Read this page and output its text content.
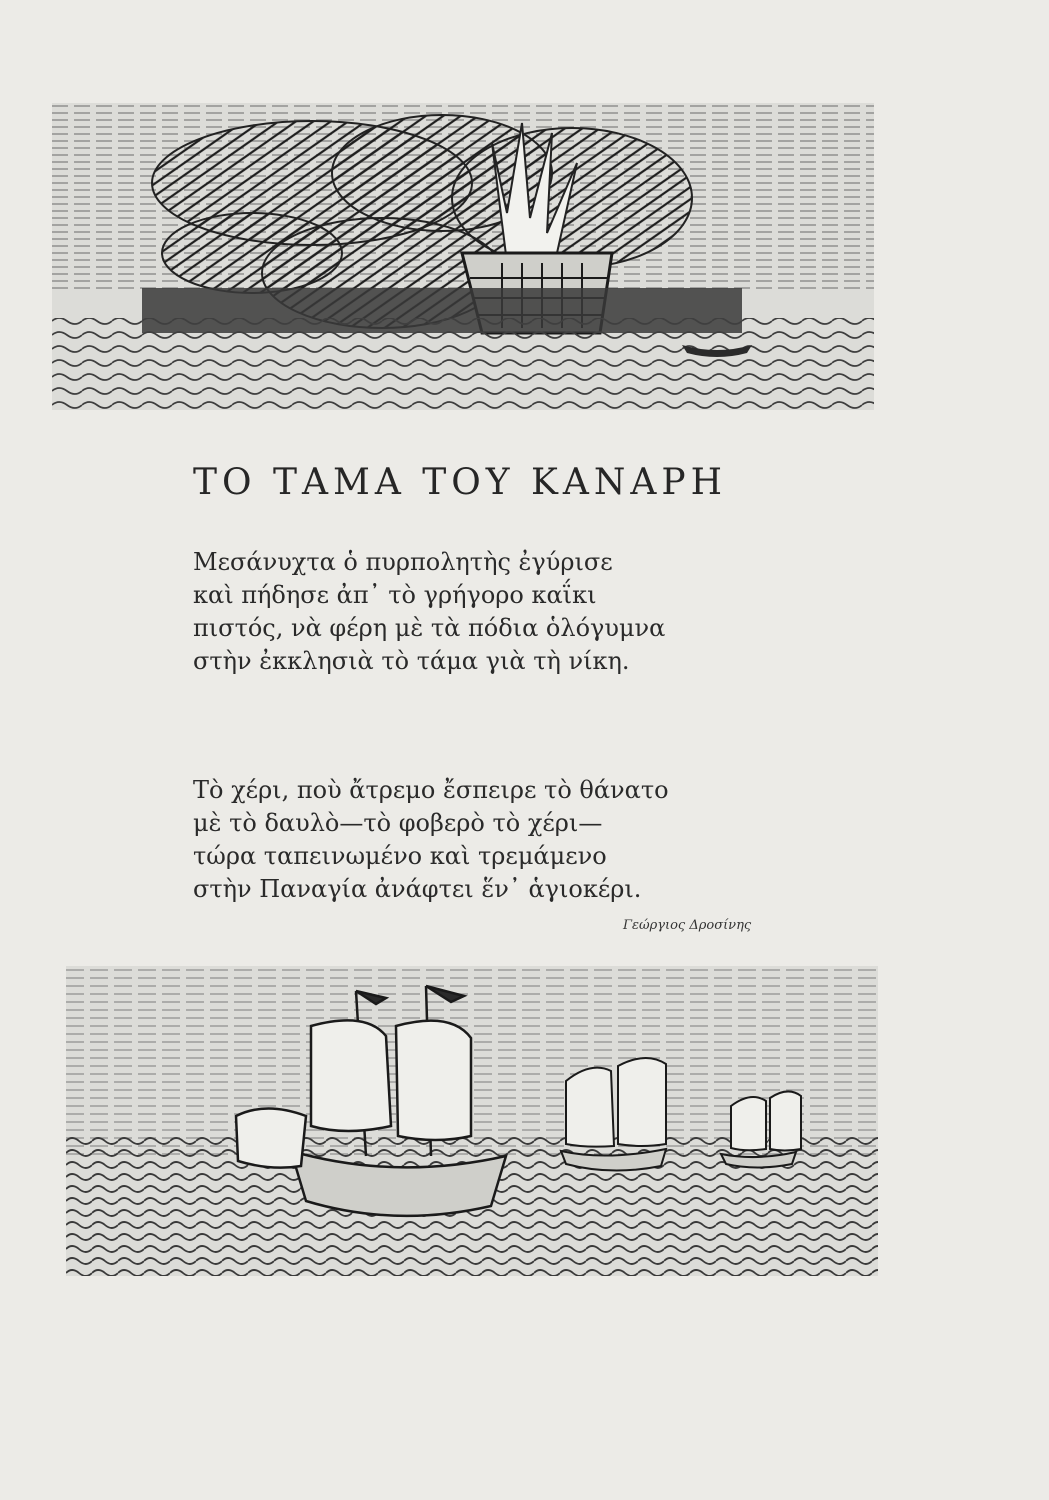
ΤΟ ΤΑΜΑ ΤΟΥ ΚΑΝΑΡΗ
Μεσάνυχτα ὁ πυρπολητὴς ἐγύρισε
καὶ πήδησε ἀπ᾽ τὸ γρήγορο καΐκι
πιστός, νὰ φέρη μὲ τὰ πόδια ὁλόγυμνα
στὴν ἐκκλησιὰ τὸ τάμα γιὰ τὴ νίκη.
Τὸ χέρι, ποὺ ἄτρεμο ἔσπειρε τὸ θάνατο
μὲ τὸ δαυλὸ—τὸ φοβερὸ τὸ χέρι—
τώρα ταπεινωμένο καὶ τρεμάμενο
στὴν Παναγία ἀνάφτει ἕν᾽ ἁγιοκέρι.
Γεώργιος Δροσίνης
